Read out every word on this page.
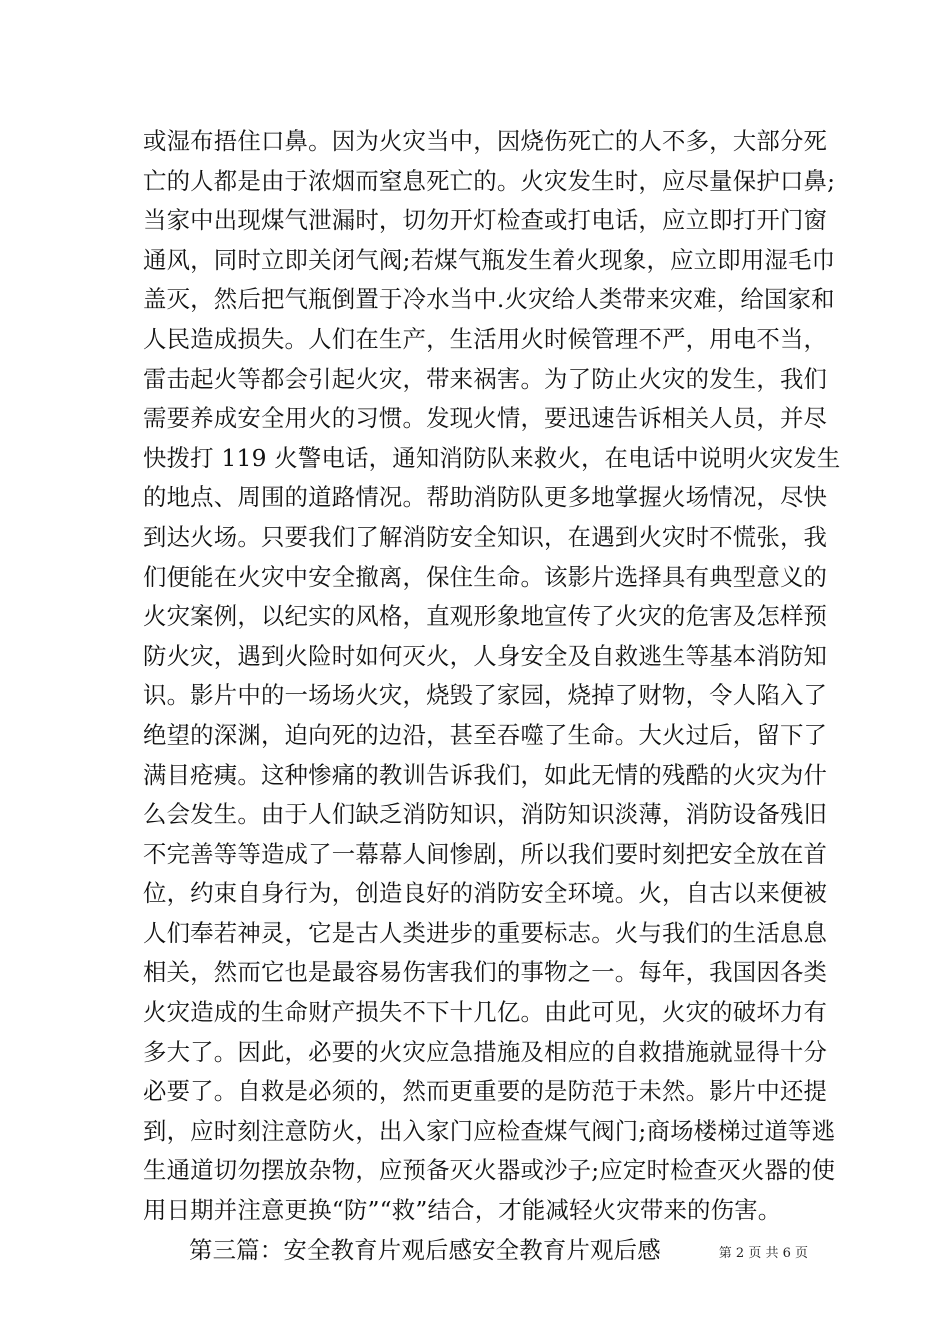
或湿布捂住口鼻。因为火灾当中，因烧伤死亡的人不多，大部分死
亡的人都是由于浓烟而窒息死亡的。火灾发生时，应尽量保护口鼻;
当家中出现煤气泄漏时，切勿开灯检查或打电话，应立即打开门窗
通风，同时立即关闭气阀;若煤气瓶发生着火现象，应立即用湿毛巾
盖灭，然后把气瓶倒置于冷水当中.火灾给人类带来灾难，给国家和
人民造成损失。人们在生产，生活用火时候管理不严，用电不当，
雷击起火等都会引起火灾，带来祸害。为了防止火灾的发生，我们
需要养成安全用火的习惯。发现火情，要迅速告诉相关人员，并尽
快拨打 119 火警电话，通知消防队来救火，在电话中说明火灾发生
的地点、周围的道路情况。帮助消防队更多地掌握火场情况，尽快
到达火场。只要我们了解消防安全知识，在遇到火灾时不慌张，我
们便能在火灾中安全撤离，保住生命。该影片选择具有典型意义的
火灾案例，以纪实的风格，直观形象地宣传了火灾的危害及怎样预
防火灾，遇到火险时如何灭火，人身安全及自救逃生等基本消防知
识。影片中的一场场火灾，烧毁了家园，烧掉了财物，令人陷入了
绝望的深渊，迫向死的边沿，甚至吞噬了生命。大火过后，留下了
满目疮痍。这种惨痛的教训告诉我们，如此无情的残酷的火灾为什
么会发生。由于人们缺乏消防知识，消防知识淡薄，消防设备残旧
不完善等等造成了一幕幕人间惨剧，所以我们要时刻把安全放在首
位，约束自身行为，创造良好的消防安全环境。火，自古以来便被
人们奉若神灵，它是古人类进步的重要标志。火与我们的生活息息
相关，然而它也是最容易伤害我们的事物之一。每年，我国因各类
火灾造成的生命财产损失不下十几亿。由此可见，火灾的破坏力有
多大了。因此，必要的火灾应急措施及相应的自救措施就显得十分
必要了。自救是必须的，然而更重要的是防范于未然。影片中还提
到，应时刻注意防火，出入家门应检查煤气阀门;商场楼梯过道等逃
生通道切勿摆放杂物，应预备灭火器或沙子;应定时检查灭火器的使
用日期并注意更换“防”“救”结合，才能减轻火灾带来的伤害。
第三篇：安全教育片观后感安全教育片观后感	第 2 页 共 6 页
